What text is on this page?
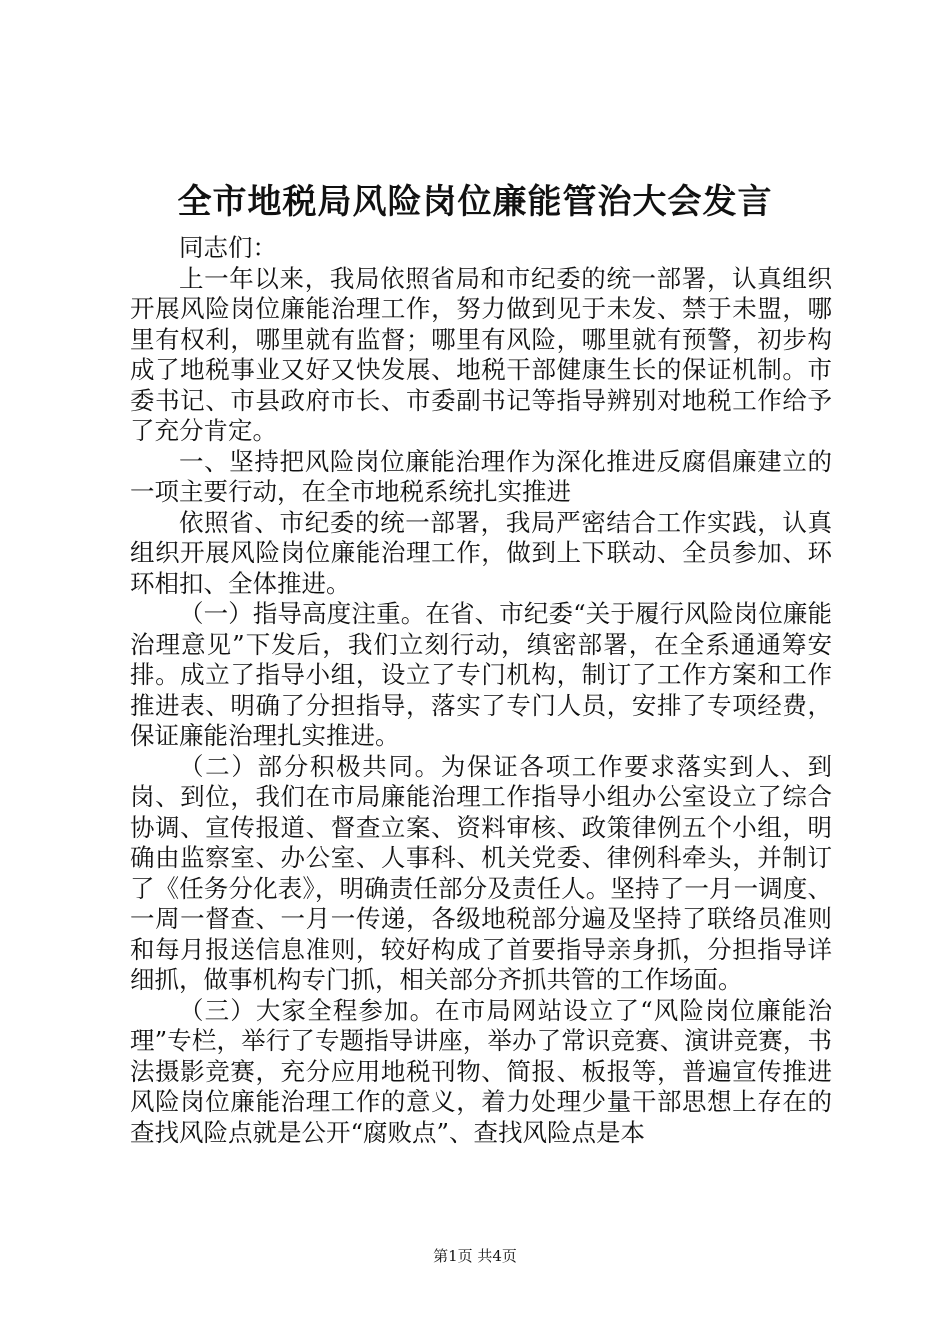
全市地税局风险岗位廉能管治大会发言

同志们：

上一年以来，我局依照省局和市纪委的统一部署，认真组织开展风险岗位廉能治理工作，努力做到见于未发、禁于未盟，哪里有权利，哪里就有监督；哪里有风险，哪里就有预警，初步构成了地税事业又好又快发展、地税干部健康生长的保证机制。市委书记、市县政府市长、市委副书记等指导辨别对地税工作给予了充分肯定。

一、坚持把风险岗位廉能治理作为深化推进反腐倡廉建立的一项主要行动，在全市地税系统扎实推进

依照省、市纪委的统一部署，我局严密结合工作实践，认真组织开展风险岗位廉能治理工作，做到上下联动、全员参加、环环相扣、全体推进。

（一）指导高度注重。在省、市纪委“关于履行风险岗位廉能治理意见”下发后，我们立刻行动，缜密部署，在全系通通筹安排。成立了指导小组，设立了专门机构，制订了工作方案和工作推进表、明确了分担指导，落实了专门人员，安排了专项经费，保证廉能治理扎实推进。

（二）部分积极共同。为保证各项工作要求落实到人、到岗、到位，我们在市局廉能治理工作指导小组办公室设立了综合协调、宣传报道、督查立案、资料审核、政策律例五个小组，明确由监察室、办公室、人事科、机关党委、律例科牵头，并制订了《任务分化表》，明确责任部分及责任人。坚持了一月一调度、一周一督查、一月一传递，各级地税部分遍及坚持了联络员准则和每月报送信息准则，较好构成了首要指导亲身抓，分担指导详细抓，做事机构专门抓，相关部分齐抓共管的工作场面。

（三）大家全程参加。在市局网站设立了“风险岗位廉能治理”专栏，举行了专题指导讲座，举办了常识竞赛、演讲竞赛，书法摄影竞赛，充分应用地税刊物、简报、板报等，普遍宣传推进风险岗位廉能治理工作的意义，着力处理少量干部思想上存在的查找风险点就是公开“腐败点”、查找风险点是本

第1页 共4页
